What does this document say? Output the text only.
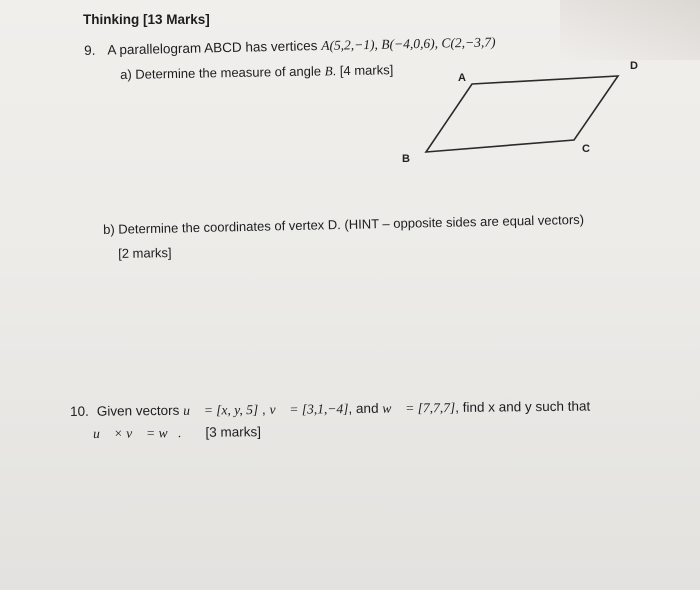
Thinking [13 Marks]
9. A parallelogram ABCD has vertices A(5,2,−1), B(−4,0,6), C(2,−3,7)
a) Determine the measure of angle B. [4 marks]	A
B
C
D
b) Determine the coordinates of vertex D. (HINT – opposite sides are equal vectors)
[2 marks]

10. Given vectors u⃗ = [x, y, 5] , v⃗ = [3,1,−4], and w⃗ = [7,7,7], find x and y such that
u⃗ × v⃗ = w⃗. [3 marks]
